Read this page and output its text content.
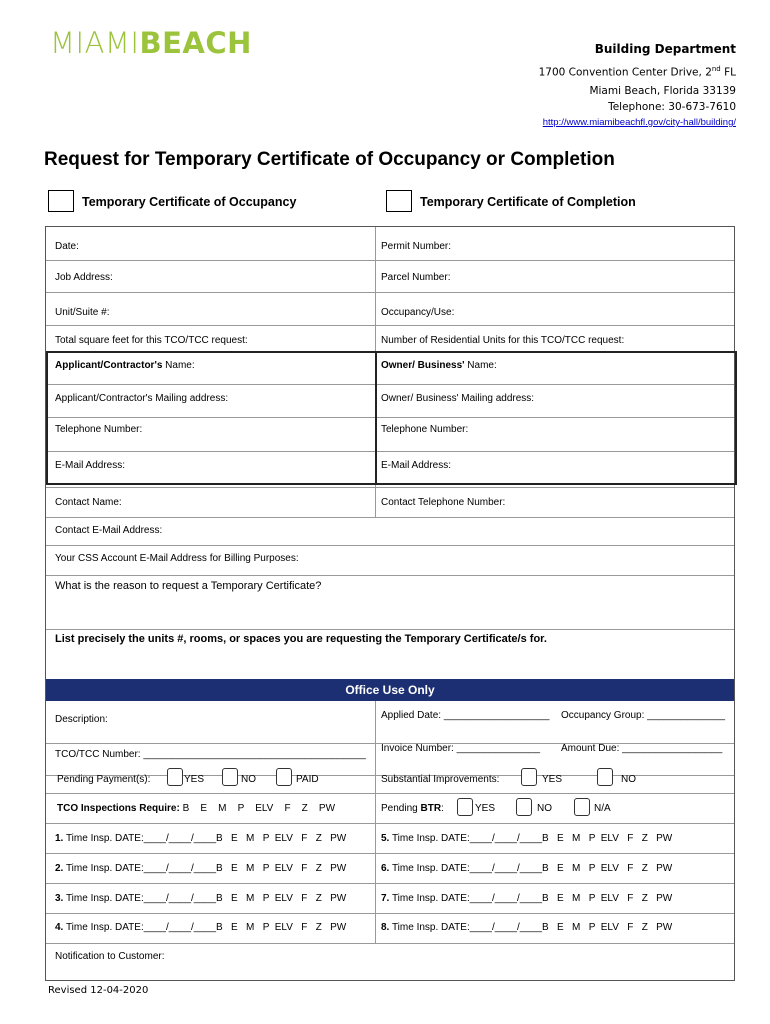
MIAMIBEACH	Building Department
1700 Convention Center Drive, 2nd FL
Miami Beach, Florida 33139
Telephone: 30-673-7610
http://www.miamibeachfl.gov/city-hall/building/
Request for Temporary Certificate of Occupancy or Completion
Temporary Certificate of Occupancy	Temporary Certificate of Completion
Date:	Permit Number:
Job Address:	Parcel Number:
Unit/Suite #:	Occupancy/Use:
Total square feet for this TCO/TCC request:	Number of Residential Units for this TCO/TCC request:
Applicant/Contractor's Name:	Owner/ Business' Name:
Applicant/Contractor's Mailing address:	Owner/ Business' Mailing address:
Telephone Number:	Telephone Number:
E-Mail Address:	E-Mail Address:
Contact Name:	Contact Telephone Number:
Contact E-Mail Address:
Your CSS Account E-Mail Address for Billing Purposes:
What is the reason to request a Temporary Certificate?
List precisely the units #, rooms, or spaces you are requesting the Temporary Certificate/s for.
Office Use Only
Description:	Applied Date: ___________________ Occupancy Group: ______________
TCO/TCC Number: ________________________________________
Invoice Number: _______________ Amount Due: __________________
Pending Payment(s):	YES	NO	PAID	Substantial Improvements:	YES	NO
TCO Inspections Require: B    E    M    P    ELV    F    Z    PW	Pending BTR:	YES	NO	N/A
1. Time Insp. DATE:____/____/____B   E   M   P  ELV   F   Z   PW	5. Time Insp. DATE:____/____/____B   E   M   P  ELV   F   Z   PW
2. Time Insp. DATE:____/____/____B   E   M   P  ELV   F   Z   PW	6. Time Insp. DATE:____/____/____B   E   M   P  ELV   F   Z   PW
3. Time Insp. DATE:____/____/____B   E   M   P  ELV   F   Z   PW	7. Time Insp. DATE:____/____/____B   E   M   P  ELV   F   Z   PW
4. Time Insp. DATE:____/____/____B   E   M   P  ELV   F   Z   PW	8. Time Insp. DATE:____/____/____B   E   M   P  ELV   F   Z   PW
Notification to Customer:
Revised 12-04-2020
